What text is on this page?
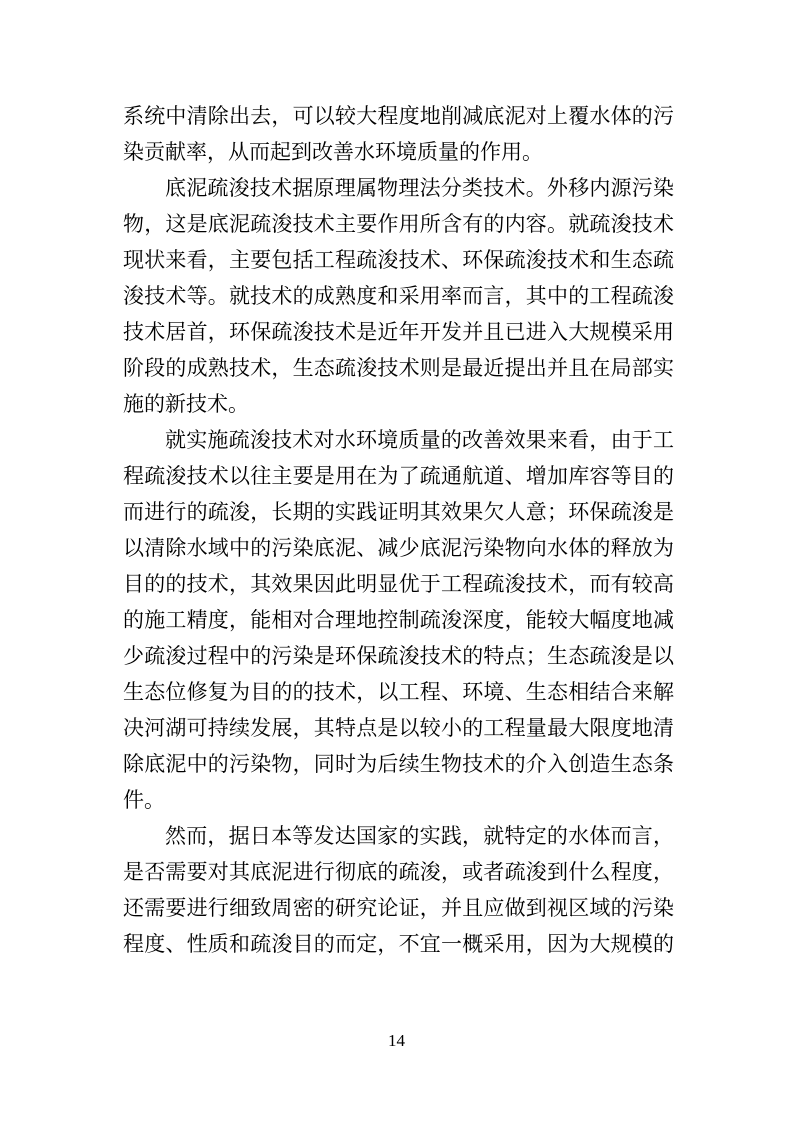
系统中清除出去，可以较大程度地削减底泥对上覆水体的污
染贡献率，从而起到改善水环境质量的作用。
底泥疏浚技术据原理属物理法分类技术。外移内源污染
物，这是底泥疏浚技术主要作用所含有的内容。就疏浚技术
现状来看，主要包括工程疏浚技术、环保疏浚技术和生态疏
浚技术等。就技术的成熟度和采用率而言，其中的工程疏浚
技术居首，环保疏浚技术是近年开发并且已进入大规模采用
阶段的成熟技术，生态疏浚技术则是最近提出并且在局部实
施的新技术。
就实施疏浚技术对水环境质量的改善效果来看，由于工
程疏浚技术以往主要是用在为了疏通航道、增加库容等目的
而进行的疏浚，长期的实践证明其效果欠人意；环保疏浚是
以清除水域中的污染底泥、减少底泥污染物向水体的释放为
目的的技术，其效果因此明显优于工程疏浚技术，而有较高
的施工精度，能相对合理地控制疏浚深度，能较大幅度地减
少疏浚过程中的污染是环保疏浚技术的特点；生态疏浚是以
生态位修复为目的的技术，以工程、环境、生态相结合来解
决河湖可持续发展，其特点是以较小的工程量最大限度地清
除底泥中的污染物，同时为后续生物技术的介入创造生态条
件。
然而，据日本等发达国家的实践，就特定的水体而言，
是否需要对其底泥进行彻底的疏浚，或者疏浚到什么程度，
还需要进行细致周密的研究论证，并且应做到视区域的污染
程度、性质和疏浚目的而定，不宜一概采用，因为大规模的
14
